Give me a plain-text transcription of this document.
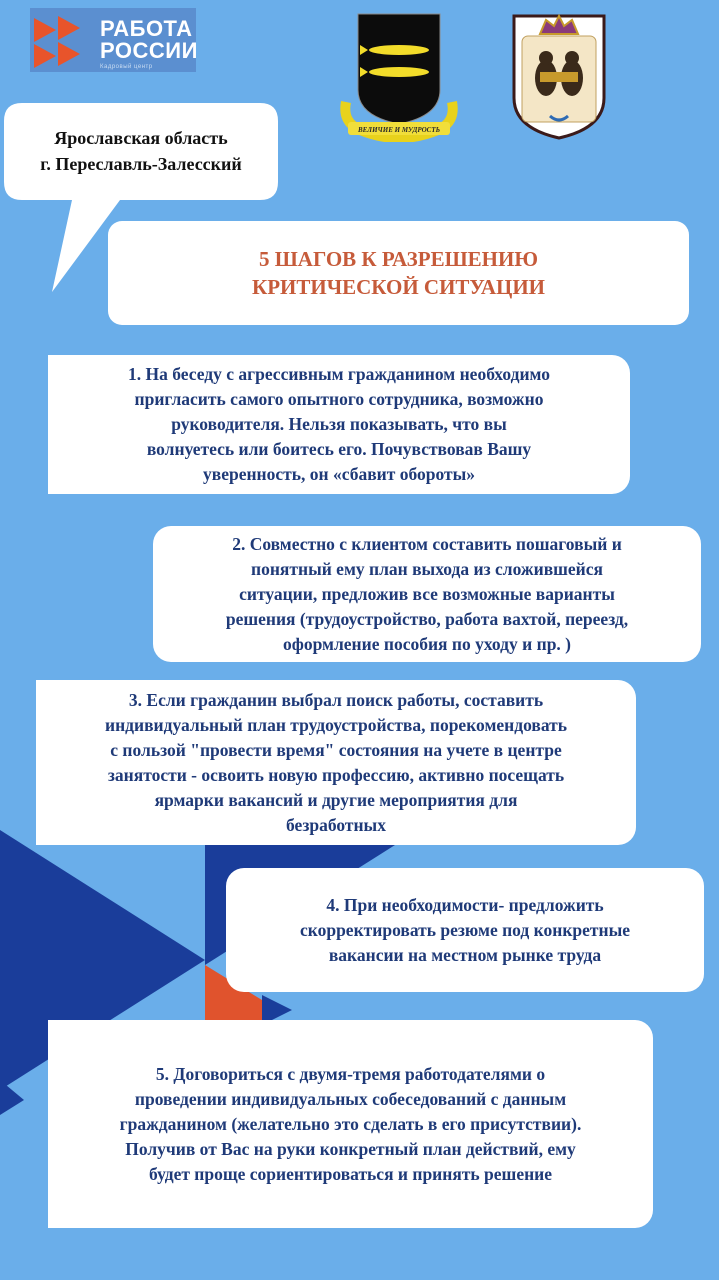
РАБОТА
РОССИИ
Кадровый центр
ВЕЛИЧИЕ И МУДРОСТЬ
Ярославская область
г. Переславль-Залесский
5 ШАГОВ К РАЗРЕШЕНИЮ
КРИТИЧЕСКОЙ СИТУАЦИИ
1. На беседу с агрессивным гражданином необходимо
пригласить самого опытного сотрудника, возможно
руководителя. Нельзя показывать, что вы
волнуетесь или боитесь его. Почувствовав Вашу
уверенность, он «сбавит обороты»
2. Совместно с клиентом составить пошаговый и
понятный ему план выхода из сложившейся
ситуации, предложив все возможные варианты
решения (трудоустройство, работа вахтой, переезд,
оформление пособия по уходу и пр. )
3. Если гражданин выбрал поиск работы, составить
индивидуальный план трудоустройства, порекомендовать
с пользой "провести время" состояния на учете в центре
занятости - освоить новую профессию, активно посещать
ярмарки вакансий и другие мероприятия для
безработных
4. При необходимости- предложить
скорректировать резюме под конкретные
вакансии на местном рынке труда
5. Договориться с двумя-тремя работодателями о
проведении индивидуальных собеседований с данным
гражданином (желательно это сделать в его присутствии).
Получив от Вас на руки конкретный план действий, ему
будет проще сориентироваться и принять решение
